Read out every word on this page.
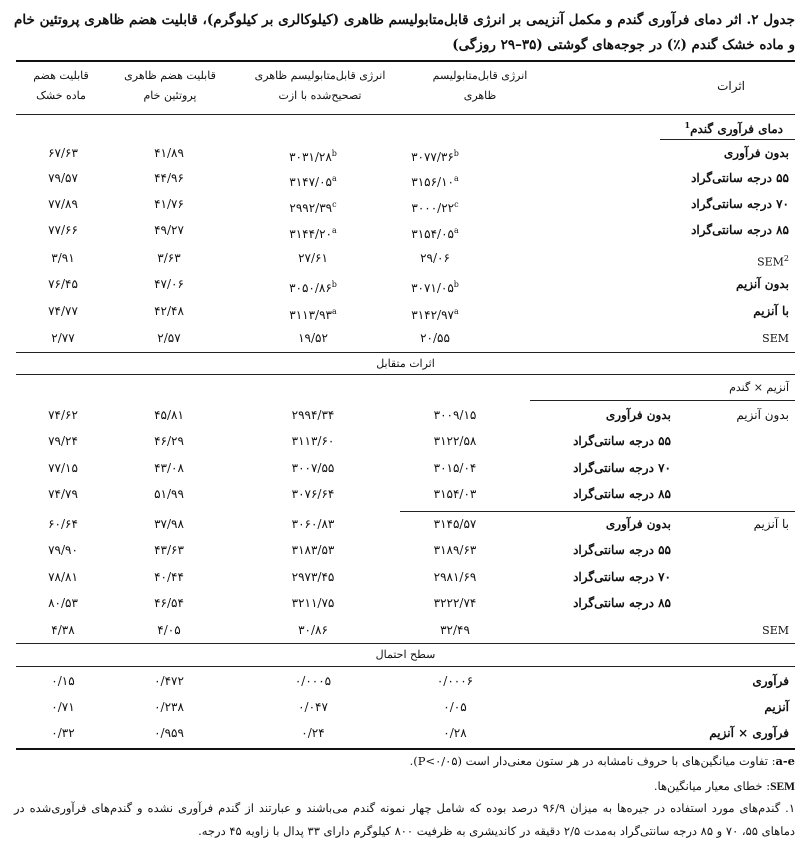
جدول ۲. اثر دمای فرآوری گندم و مکمل آنزیمی بر انرژی قابل‌متابولیسم ظاهری (کیلوکالری بر کیلوگرم)، قابلیت هضم ظاهری پروتئین خام و ماده خشک گندم (٪) در جوجه‌های گوشتی (۳۵–۲۹ روزگی)
اثرات
انرژی قابل‌متابولیسم
ظاهری
انرژی قابل‌متابولیسم ظاهری
تصحیح‌شده با ازت
قابلیت هضم ظاهری
پروتئین خام
قابلیت هضم
ماده خشک
دمای فرآوری گندم$^1$
بدون فرآوری
۳۰۷۷/۳۶$^b$
۳۰۳۱/۲۸$^b$
۴۱/۸۹
۶۷/۶۳
۵۵ درجه سانتی‌گراد
۳۱۵۶/۱۰$^a$
۳۱۴۷/۰۵$^a$
۴۴/۹۶
۷۹/۵۷
۷۰ درجه سانتی‌گراد
۳۰۰۰/۲۲$^c$
۲۹۹۲/۳۹$^c$
۴۱/۷۶
۷۷/۸۹
۸۵ درجه سانتی‌گراد
۳۱۵۴/۰۵$^a$
۳۱۴۴/۲۰$^a$
۴۹/۲۷
۷۷/۶۶
SEM$^2$
۲۹/۰۶
۲۷/۶۱
۳/۶۳
۳/۹۱
بدون آنزیم
۳۰۷۱/۰۵$^b$
۳۰۵۰/۸۶$^b$
۴۷/۰۶
۷۶/۴۵
با آنزیم
۳۱۴۲/۹۷$^a$
۳۱۱۳/۹۳$^a$
۴۲/۴۸
۷۴/۷۷
SEM
۲۰/۵۵
۱۹/۵۲
۲/۵۷
۲/۷۷
اثرات متقابل
آنزیم × گندم
بدون آنزیم
بدون فرآوری
۳۰۰۹/۱۵
۲۹۹۴/۳۴
۴۵/۸۱
۷۴/۶۲
۵۵ درجه سانتی‌گراد
۳۱۲۲/۵۸
۳۱۱۳/۶۰
۴۶/۲۹
۷۹/۲۴
۷۰ درجه سانتی‌گراد
۳۰۱۵/۰۴
۳۰۰۷/۵۵
۴۳/۰۸
۷۷/۱۵
۸۵ درجه سانتی‌گراد
۳۱۵۴/۰۳
۳۰۷۶/۶۴
۵۱/۹۹
۷۴/۷۹
با آنزیم
بدون فرآوری
۳۱۴۵/۵۷
۳۰۶۰/۸۳
۳۷/۹۸
۶۰/۶۴
۵۵ درجه سانتی‌گراد
۳۱۸۹/۶۳
۳۱۸۳/۵۳
۴۳/۶۳
۷۹/۹۰
۷۰ درجه سانتی‌گراد
۲۹۸۱/۶۹
۲۹۷۳/۴۵
۴۰/۴۴
۷۸/۸۱
۸۵ درجه سانتی‌گراد
۳۲۲۲/۷۴
۳۲۱۱/۷۵
۴۶/۵۴
۸۰/۵۳
SEM
۳۲/۴۹
۳۰/۸۶
۴/۰۵
۴/۳۸
سطح احتمال
فرآوری
۰/۰۰۰۶
۰/۰۰۰۵
۰/۴۷۲
۰/۱۵
آنزیم
۰/۰۵
۰/۰۴۷
۰/۲۳۸
۰/۷۱
فرآوری × آنزیم
۰/۲۸
۰/۲۴
۰/۹۵۹
۰/۳۲
a-e: تفاوت میانگین‌های با حروف نامشابه در هر ستون معنی‌دار است (P<۰/۰۵).
SEM: خطای معیار میانگین‌ها.
۱. گندم‌های مورد استفاده در جیره‌ها به میزان ۹۶/۹ درصد بوده که شامل چهار نمونه گندم می‌باشند و عبارتند از گندم فرآوری نشده و گندم‌های فرآوری‌شده در دماهای ۵۵، ۷۰ و ۸۵ درجه سانتی‌گراد به‌مدت ۲/۵ دقیقه در کاندیشری به ظرفیت ۸۰۰ کیلوگرم دارای ۳۳ پدال با زاویه ۴۵ درجه.
